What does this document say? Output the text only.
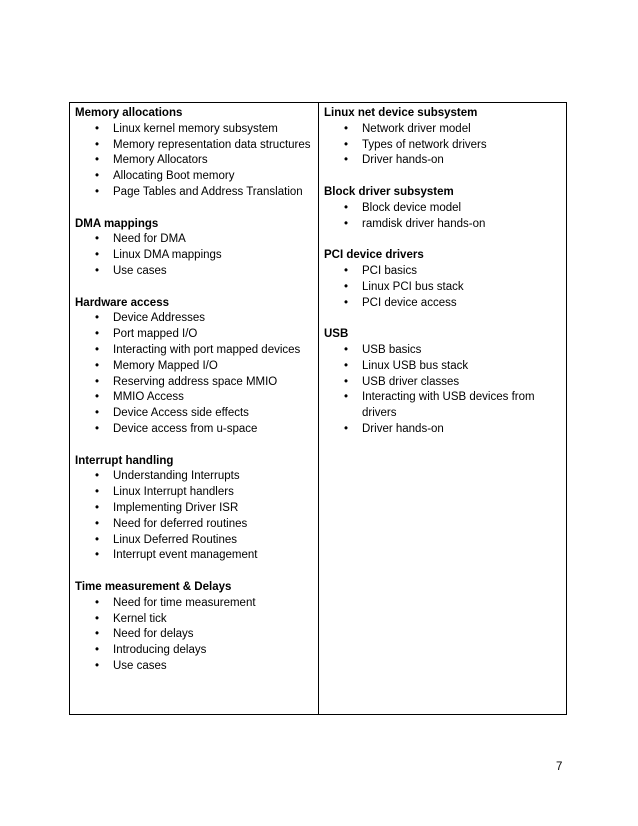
Memory allocations
• Linux kernel memory subsystem
• Memory representation data structures
• Memory Allocators
• Allocating Boot memory
• Page Tables and Address Translation
DMA mappings
• Need for DMA
• Linux DMA mappings
• Use cases
Hardware access
• Device Addresses
• Port mapped I/O
• Interacting with port mapped devices
• Memory Mapped I/O
• Reserving address space MMIO
• MMIO Access
• Device Access side effects
• Device access from u-space
Interrupt handling
• Understanding Interrupts
• Linux Interrupt handlers
• Implementing Driver ISR
• Need for deferred routines
• Linux Deferred Routines
• Interrupt event management
Time measurement & Delays
• Need for time measurement
• Kernel tick
• Need for delays
• Introducing delays
• Use cases
Linux net device subsystem
• Network driver model
• Types of network drivers
• Driver hands-on
Block driver subsystem
• Block device model
• ramdisk driver hands-on
PCI device drivers
• PCI basics
• Linux PCI bus stack
• PCI device access
USB
• USB basics
• Linux USB bus stack
• USB driver classes
• Interacting with USB devices from drivers
• Driver hands-on
7
